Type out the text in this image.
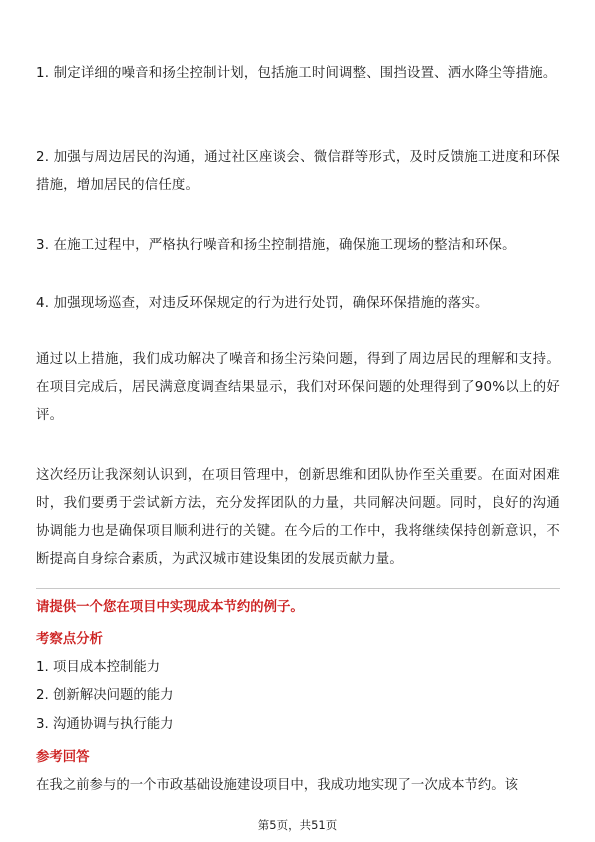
1. 制定详细的噪音和扬尘控制计划，包括施工时间调整、围挡设置、洒水降尘等措施。

2. 加强与周边居民的沟通，通过社区座谈会、微信群等形式，及时反馈施工进度和环保措施，增加居民的信任度。

3. 在施工过程中，严格执行噪音和扬尘控制措施，确保施工现场的整洁和环保。

4. 加强现场巡查，对违反环保规定的行为进行处罚，确保环保措施的落实。

通过以上措施，我们成功解决了噪音和扬尘污染问题，得到了周边居民的理解和支持。在项目完成后，居民满意度调查结果显示，我们对环保问题的处理得到了90%以上的好评。

这次经历让我深刻认识到，在项目管理中，创新思维和团队协作至关重要。在面对困难时，我们要勇于尝试新方法，充分发挥团队的力量，共同解决问题。同时，良好的沟通协调能力也是确保项目顺利进行的关键。在今后的工作中，我将继续保持创新意识，不断提高自身综合素质，为武汉城市建设集团的发展贡献力量。

请提供一个您在项目中实现成本节约的例子。

考察点分析

1. 项目成本控制能力

2. 创新解决问题的能力

3. 沟通协调与执行能力

参考回答

在我之前参与的一个市政基础设施建设项目中，我成功地实现了一次成本节约。该

第5页，共51页
